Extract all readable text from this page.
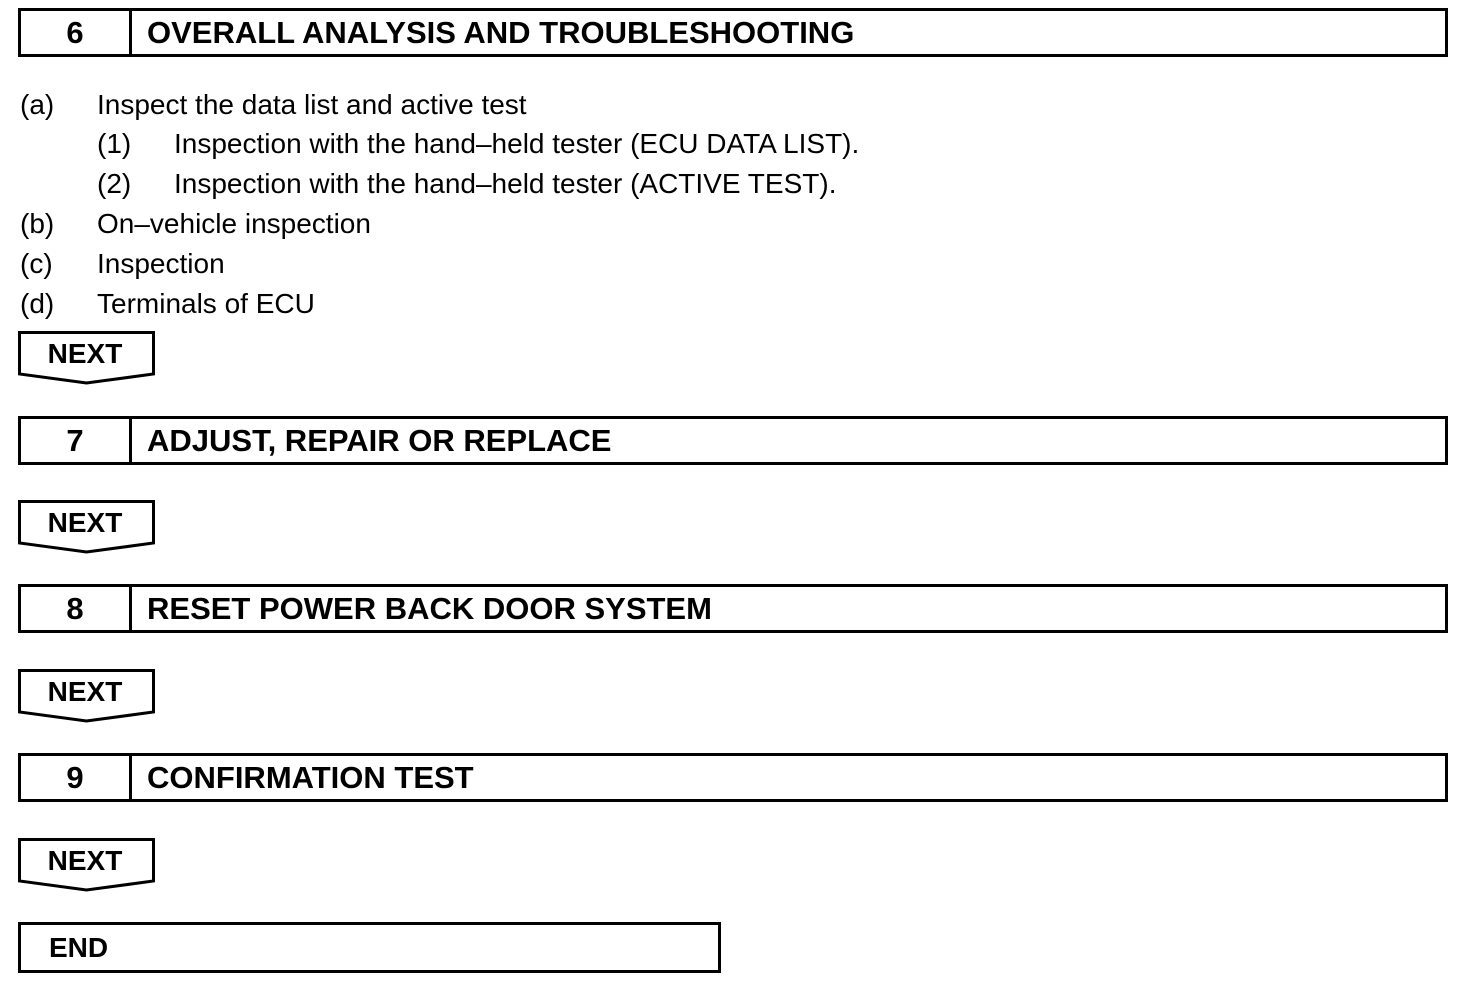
6	OVERALL ANALYSIS AND TROUBLESHOOTING
(a) Inspect the data list and active test
(1) Inspection with the hand–held tester (ECU DATA LIST).
(2) Inspection with the hand–held tester (ACTIVE TEST).
(b) On–vehicle inspection
(c) Inspection
(d) Terminals of ECU
NEXT
7	ADJUST, REPAIR OR REPLACE
NEXT
8	RESET POWER BACK DOOR SYSTEM
NEXT
9	CONFIRMATION TEST
NEXT
END
